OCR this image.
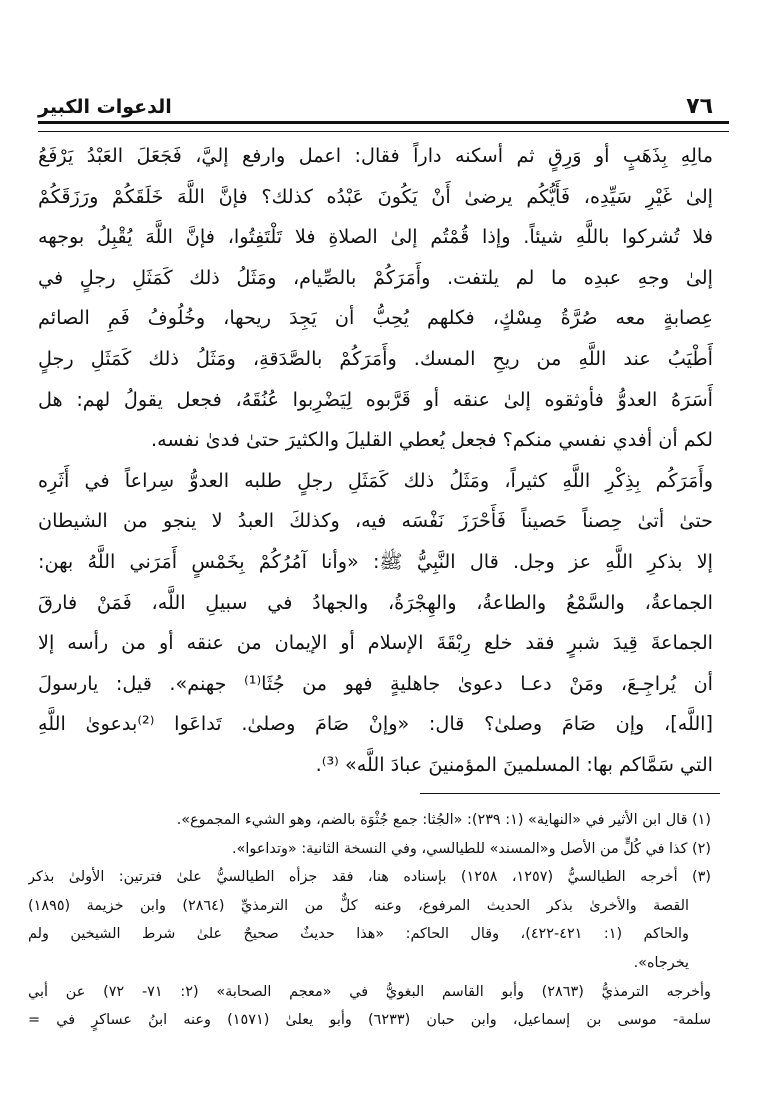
٧٦
الدعوات الكبير
مالِهِ بِذَهَبٍ أو وَرِقٍ ثم أسكنه داراً فقال: اعمل وارفع إليَّ، فَجَعَلَ العَبْدُ يَرْفَعُ
إلىٰ غَيْرِ سَيِّدِه، فَأَيُّكُم يرضىٰ أَنْ يَكُونَ عَبْدُه كذلك؟ فإنَّ اللَّهَ خَلَقَكُمْ ورَزَقَكُمْ
فلا تُشركوا باللَّهِ شيئاً. وإذا قُمْتُم إلىٰ الصلاةِ فلا تَلْتَفِتُوا، فإنَّ اللَّهَ يُقْبِلُ بوجهه
إلىٰ وجهِ عبدِه ما لم يلتفت. وأَمَرَكُمْ بالصِّيام، ومَثَلُ ذلك كَمَثَلِ رجلٍ في
عِصابةٍ معه صُرَّةُ مِسْكٍ، فكلهم يُحِبُّ أن يَجِدَ ريحها، وخُلُوفُ فَمِ الصائم
أَطْيَبُ عند اللَّهِ من ريحِ المسك. وأَمَرَكُمْ بالصَّدَقةِ، ومَثَلُ ذلك كَمَثَلِ رجلٍ
أَسَرَهُ العدوُّ فأوثقوه إلىٰ عنقه أو قَرَّبوه لِيَضْرِبوا عُنُقَهُ، فجعل يقولُ لهم: هل
لكم أن أفدي نفسي منكم؟ فجعل يُعطي القليلَ والكثيرَ حتىٰ فدىٰ نفسه.
وأَمَرَكُم بِذِكْرِ اللَّهِ كثيراً، ومَثَلُ ذلك كَمَثَلِ رجلٍ طلبه العدوُّ سِراعاً في أَثَرِه
حتىٰ أتىٰ حِصناً حَصيناً فَأَحْرَزَ نَفْسَه فيه، وكذلكَ العبدُ لا ينجو من الشيطان
إلا بذكرِ اللَّهِ عز وجل. قال النَّبِيُّ ﷺ: «وأنا آمُرُكُمْ بِخَمْسٍ أَمَرَني اللَّهُ بهن:
الجماعةُ، والسَّمْعُ والطاعةُ، والهِجْرَةُ، والجهادُ في سبيلِ اللَّه، فَمَنْ فارقَ
الجماعةَ قِيدَ شبرٍ فقد خلع رِبْقَةَ الإسلام أو الإيمان من عنقه أو من رأسه إلا
أن يُراجِـعَ، ومَنْ دعـا دعوىٰ جاهليةٍ فهو من جُثَا⁽¹⁾ جهنم». قيل: يارسولَ
[اللَّه]، وإن صَامَ وصلىٰ؟ قال: «وإنْ صَامَ وصلىٰ. تَداعَوا ⁽²⁾بدعوىٰ اللَّهِ
التي سَمَّاكم بها: المسلمينَ المؤمنينَ عبادَ اللَّه» ⁽³⁾.
(١) قال ابن الأثير في «النهاية» (١: ٢٣٩): «الجُثا: جمع جُثْوَة بالضم، وهو الشيء المجموع».
(٢) كذا في كُلٍّ من الأصل و«المسند» للطيالسي، وفي النسخة الثانية: «وتداعوا».
(٣) أخرجه الطيالسيُّ (١٢٥٧، ١٢٥٨) بإسناده هنا، فقد جزأه الطيالسيُّ علىٰ فترتين: الأولىٰ بذكر
القصة والأخرىٰ بذكر الحديث المرفوع، وعنه كلٌّ من الترمذيِّ (٢٨٦٤) وابن خزيمة (١٨٩٥)
والحاكم (١: ٤٢١-٤٢٢)، وقال الحاكم: «هذا حديثٌ صحيحٌ علىٰ شرط الشيخين ولم
يخرجاه».
وأخرجه الترمذيُّ (٢٨٦٣) وأبو القاسم البغويُّ في «معجم الصحابة» (٢: ٧١- ٧٢) عن أبي
سلمة- موسى بن إسماعيل، وابن حبان (٦٢٣٣) وأبو يعلىٰ (١٥٧١) وعنه ابنُ عساكرٍ في =
